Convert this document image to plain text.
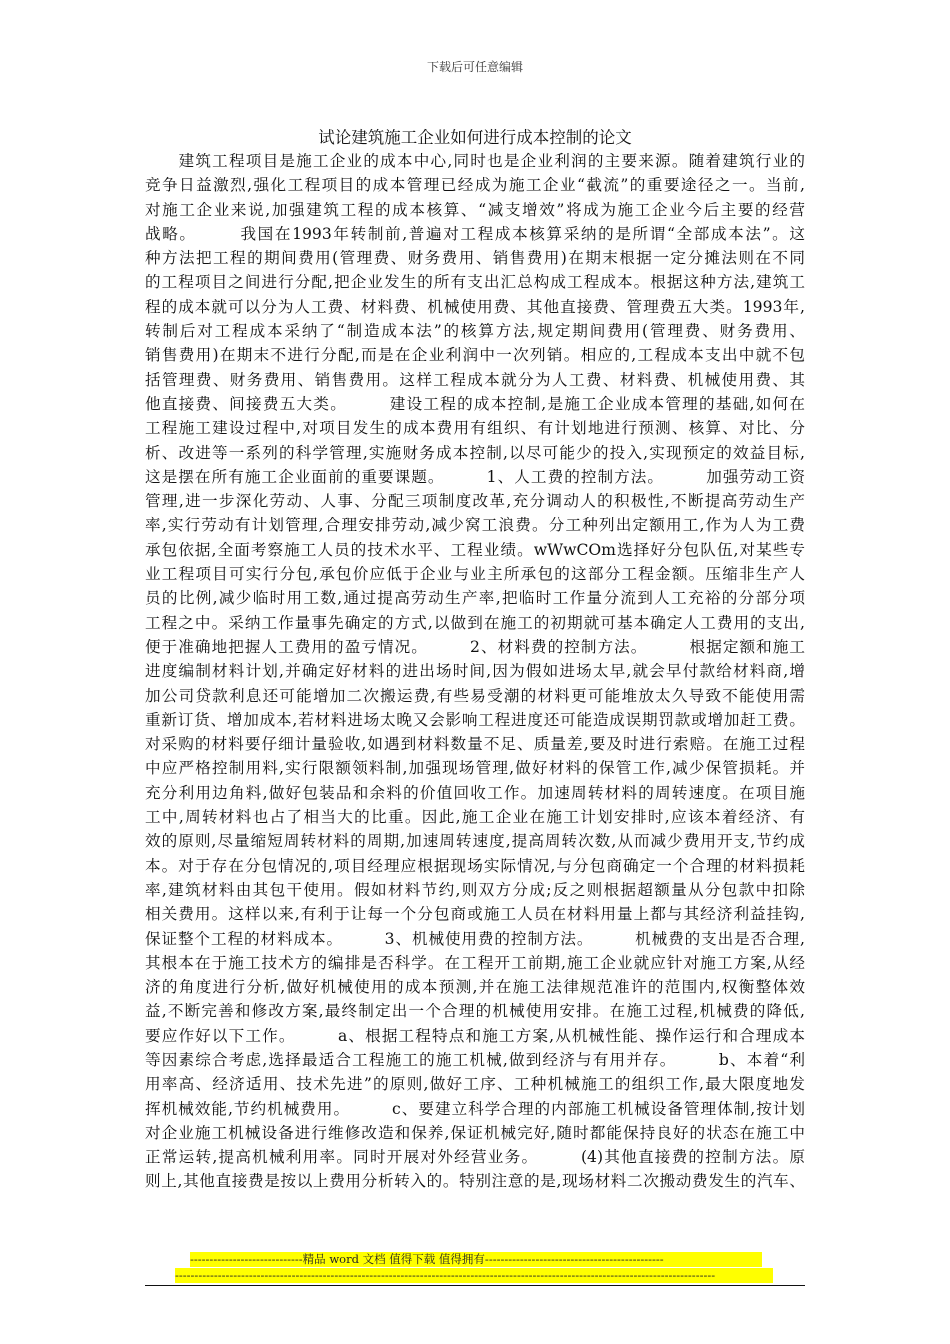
下载后可任意编辑
试论建筑施工企业如何进行成本控制的论文
　　建筑工程项目是施工企业的成本中心,同时也是企业利润的主要来源。随着建筑行业的
竞争日益激烈,强化工程项目的成本管理已经成为施工企业“截流”的重要途径之一。当前,
对施工企业来说,加强建筑工程的成本核算、“减支增效”将成为施工企业今后主要的经营
战略。　　　我国在1993年转制前,普遍对工程成本核算采纳的是所谓“全部成本法”。这
种方法把工程的期间费用(管理费、财务费用、销售费用)在期末根据一定分摊法则在不同
的工程项目之间进行分配,把企业发生的所有支出汇总构成工程成本。根据这种方法,建筑工
程的成本就可以分为人工费、材料费、机械使用费、其他直接费、管理费五大类。1993年,
转制后对工程成本采纳了“制造成本法”的核算方法,规定期间费用(管理费、财务费用、
销售费用)在期末不进行分配,而是在企业利润中一次列销。相应的,工程成本支出中就不包
括管理费、财务费用、销售费用。这样工程成本就分为人工费、材料费、机械使用费、其
他直接费、间接费五大类。　　　建设工程的成本控制,是施工企业成本管理的基础,如何在
工程施工建设过程中,对项目发生的成本费用有组织、有计划地进行预测、核算、对比、分
析、改进等一系列的科学管理,实施财务成本控制,以尽可能少的投入,实现预定的效益目标,
这是摆在所有施工企业面前的重要课题。　　　1、人工费的控制方法。　　　加强劳动工资
管理,进一步深化劳动、人事、分配三项制度改革,充分调动人的积极性,不断提高劳动生产
率,实行劳动有计划管理,合理安排劳动,减少窝工浪费。分工种列出定额用工,作为人为工费
承包依据,全面考察施工人员的技术水平、工程业绩。wWwCOm选择好分包队伍,对某些专
业工程项目可实行分包,承包价应低于企业与业主所承包的这部分工程金额。压缩非生产人
员的比例,减少临时用工数,通过提高劳动生产率,把临时工作量分流到人工充裕的分部分项
工程之中。采纳工作量事先确定的方式,以做到在施工的初期就可基本确定人工费用的支出,
便于准确地把握人工费用的盈亏情况。　　　2、材料费的控制方法。　　　根据定额和施工
进度编制材料计划,并确定好材料的进出场时间,因为假如进场太早,就会早付款给材料商,增
加公司贷款利息还可能增加二次搬运费,有些易受潮的材料更可能堆放太久导致不能使用需
重新订货、增加成本,若材料进场太晚又会影响工程进度还可能造成误期罚款或增加赶工费。
对采购的材料要仔细计量验收,如遇到材料数量不足、质量差,要及时进行索赔。在施工过程
中应严格控制用料,实行限额领料制,加强现场管理,做好材料的保管工作,减少保管损耗。并
充分利用边角料,做好包装品和余料的价值回收工作。加速周转材料的周转速度。在项目施
工中,周转材料也占了相当大的比重。因此,施工企业在施工计划安排时,应该本着经济、有
效的原则,尽量缩短周转材料的周期,加速周转速度,提高周转次数,从而减少费用开支,节约成
本。对于存在分包情况的,项目经理应根据现场实际情况,与分包商确定一个合理的材料损耗
率,建筑材料由其包干使用。假如材料节约,则双方分成;反之则根据超额量从分包款中扣除
相关费用。这样以来,有利于让每一个分包商或施工人员在材料用量上都与其经济利益挂钩,
保证整个工程的材料成本。　　　3、机械使用费的控制方法。　　　机械费的支出是否合理,
其根本在于施工技术方的编排是否科学。在工程开工前期,施工企业就应针对施工方案,从经
济的角度进行分析,做好机械使用的成本预测,并在施工法律规范准许的范围内,权衡整体效
益,不断完善和修改方案,最终制定出一个合理的机械使用安排。在施工过程,机械费的降低,
要应作好以下工作。　　　a、根据工程特点和施工方案,从机械性能、操作运行和合理成本
等因素综合考虑,选择最适合工程施工的施工机械,做到经济与有用并存。　　　b、本着“利
用率高、经济适用、技术先进”的原则,做好工序、工种机械施工的组织工作,最大限度地发
挥机械效能,节约机械费用。　　　c、要建立科学合理的内部施工机械设备管理体制,按计划
对企业施工机械设备进行维修改造和保养,保证机械完好,随时都能保持良好的状态在施工中
正常运转,提高机械利用率。同时开展对外经营业务。　　　(4)其他直接费的控制方法。原
则上,其他直接费是按以上费用分析转入的。特别注意的是,现场材料二次搬动费发生的汽车、
-----------------------------精品 word 文档 值得下载 值得拥有----------------------------------------------
-------------------------------------------------------------------------------------------------------------------------------------------
